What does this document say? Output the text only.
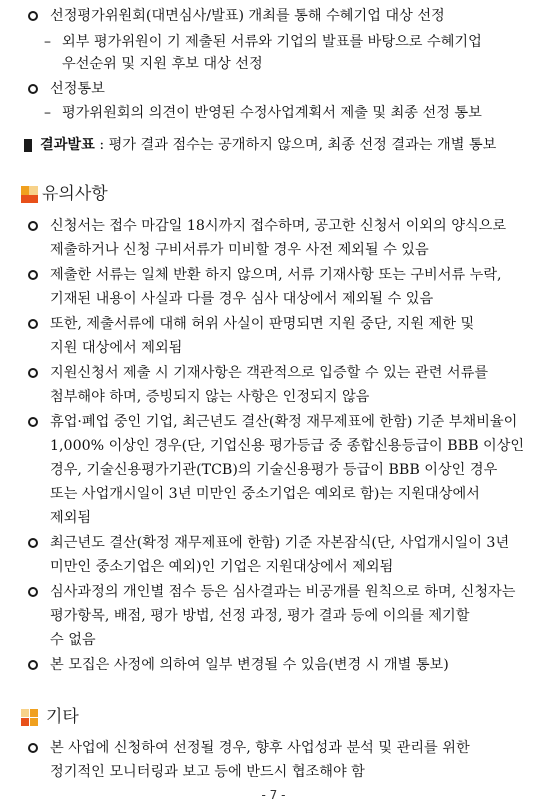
선정평가위원회(대면심사/발표) 개최를 통해 수혜기업 대상 선정
– 외부 평가위원이 기 제출된 서류와 기업의 발표를 바탕으로 수혜기업
우선순위 및 지원 후보 대상 선정
선정통보
– 평가위원회의 의견이 반영된 수정사업계획서 제출 및 최종 선정 통보
결과발표 : 평가 결과 점수는 공개하지 않으며, 최종 선정 결과는 개별 통보
유의사항
신청서는 접수 마감일 18시까지 접수하며, 공고한 신청서 이외의 양식으로
제출하거나 신청 구비서류가 미비할 경우 사전 제외될 수 있음
제출한 서류는 일체 반환 하지 않으며, 서류 기재사항 또는 구비서류 누락,
기재된 내용이 사실과 다를 경우 심사 대상에서 제외될 수 있음
또한, 제출서류에 대해 허위 사실이 판명되면 지원 중단, 지원 제한 및
지원 대상에서 제외됨
지원신청서 제출 시 기재사항은 객관적으로 입증할 수 있는 관련 서류를
첨부해야 하며, 증빙되지 않는 사항은 인정되지 않음
휴업·폐업 중인 기업, 최근년도 결산(확정 재무제표에 한함) 기준 부채비율이
1,000% 이상인 경우(단, 기업신용 평가등급 중 종합신용등급이 BBB 이상인
경우, 기술신용평가기관(TCB)의 기술신용평가 등급이 BBB 이상인 경우
또는 사업개시일이 3년 미만인 중소기업은 예외로 함)는 지원대상에서
제외됨
최근년도 결산(확정 재무제표에 한함) 기준 자본잠식(단, 사업개시일이 3년
미만인 중소기업은 예외)인 기업은 지원대상에서 제외됨
심사과정의 개인별 점수 등은 심사결과는 비공개를 원칙으로 하며, 신청자는
평가항목, 배점, 평가 방법, 선정 과정, 평가 결과 등에 이의를 제기할
수 없음
본 모집은 사정에 의하여 일부 변경될 수 있음(변경 시 개별 통보)
기타
본 사업에 신청하여 선정될 경우, 향후 사업성과 분석 및 관리를 위한
정기적인 모니터링과 보고 등에 반드시 협조해야 함
- 7 -
